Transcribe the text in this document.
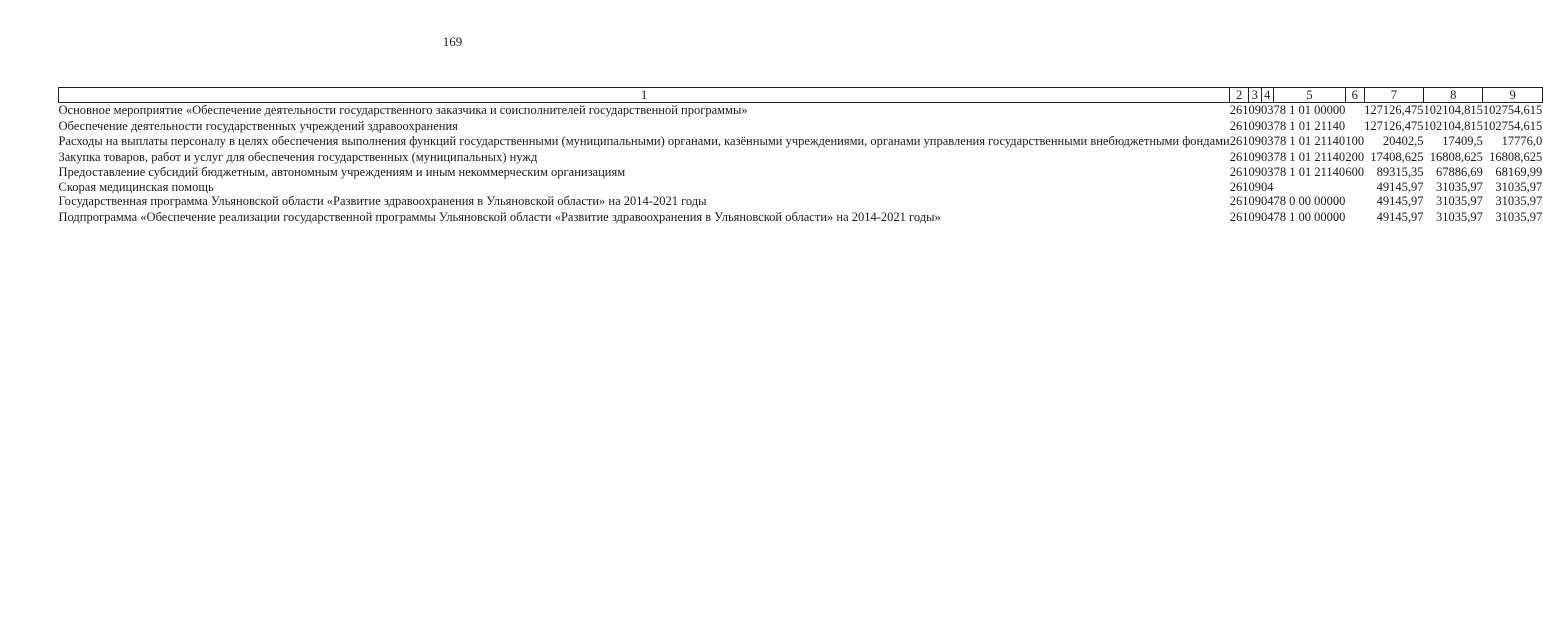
169
1	2	3	4	5	6	7	8	9
Основное мероприятие «Обеспечение деятельности государственного заказчика и соисполнителей государственной программы»	261	09	03	78 1 01 00000		127126,475	102104,815	102754,615
Обеспечение деятельности государственных учреждений здравоохранения	261	09	03	78 1 01 21140		127126,475	102104,815	102754,615
Расходы на выплаты персоналу в целях обеспечения выполнения функций государственными (муниципальными) органами, казёнными учреждениями, органами управления государственными внебюджетными фондами	261	09	03	78 1 01 21140	100	20402,5	17409,5	17776,0
Закупка товаров, работ и услуг для обеспечения государственных (муниципальных) нужд	261	09	03	78 1 01 21140	200	17408,625	16808,625	16808,625
Предоставление субсидий бюджетным, автономным учреждениям и иным некоммерческим организациям	261	09	03	78 1 01 21140	600	89315,35	67886,69	68169,99
Скорая медицинская помощь	261	09	04			49145,97	31035,97	31035,97
Государственная программа Ульяновской области «Развитие здравоохранения в Ульяновской области» на 2014-2021 годы	261	09	04	78 0 00 00000		49145,97	31035,97	31035,97
Подпрограмма «Обеспечение реализации государственной программы Ульяновской области «Развитие здравоохранения в Ульяновской области» на 2014-2021 годы»	261	09	04	78 1 00 00000		49145,97	31035,97	31035,97
